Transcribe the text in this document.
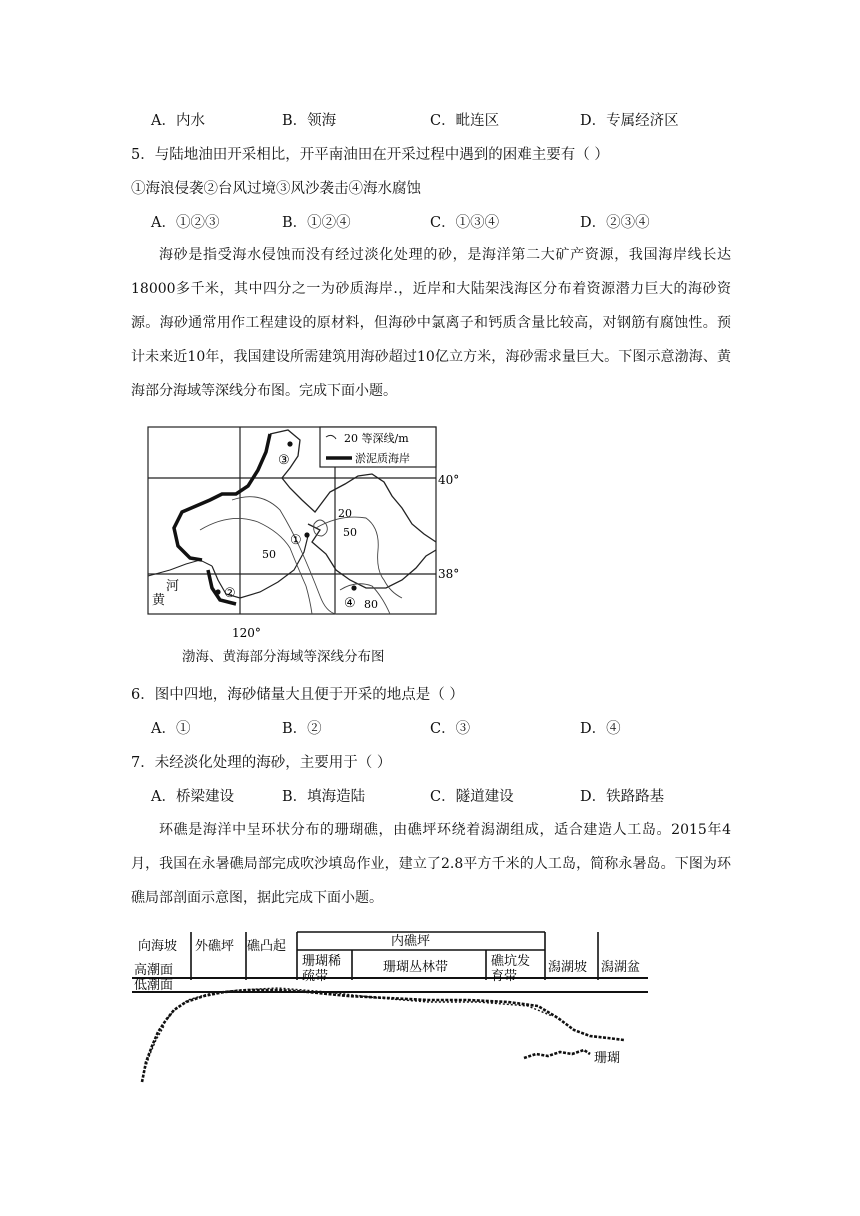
A．内水	B．领海	C．毗连区	D．专属经济区
5．与陆地油田开采相比，开平南油田在开采过程中遇到的困难主要有（ ）
①海浪侵袭②台风过境③风沙袭击④海水腐蚀
A．①②③	B．①②④	C．①③④	D．②③④
海砂是指受海水侵蚀而没有经过淡化处理的砂，是海洋第二大矿产资源，我国海岸线长达18000多千米，其中四分之一为砂质海岸.，近岸和大陆架浅海区分布着资源潜力巨大的海砂资源。海砂通常用作工程建设的原材料，但海砂中氯离子和钙质含量比较高，对钢筋有腐蚀性。预计未来近10年，我国建设所需建筑用海砂超过10亿立方米，海砂需求量巨大。下图示意渤海、黄海部分海域等深线分布图。完成下面小题。
20 等深线/m
淤泥质海岸
20
50
50
80
③
①
②
④
河
黄
40°
38°
120°
渤海、黄海部分海域等深线分布图
6．图中四地，海砂储量大且便于开采的地点是（ ）
A．①	B．②	C．③	D．④
7．未经淡化处理的海砂，主要用于（ ）
A．桥梁建设	B．填海造陆	C．隧道建设	D．铁路路基
环礁是海洋中呈环状分布的珊瑚礁，由礁坪环绕着潟湖组成，适合建造人工岛。2015年4月，我国在永暑礁局部完成吹沙填岛作业，建立了2.8平方千米的人工岛，简称永暑岛。下图为环礁局部剖面示意图，据此完成下面小题。
向海坡 外礁坪 礁凸起	内礁坪
珊瑚稀
疏带
珊瑚丛林带	礁坑发
育带
潟湖坡 潟湖盆
高潮面
低潮面
珊瑚
